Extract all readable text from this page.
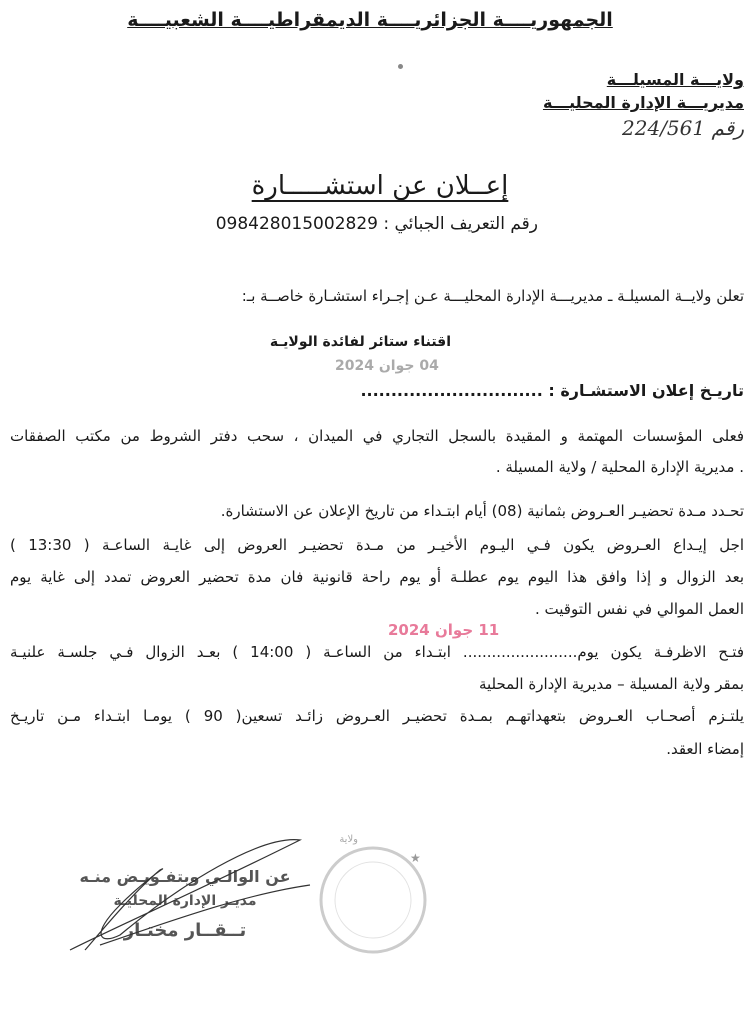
الجمهوريــــة الجزائريــــة الديمقراطيــــة الشعبيــــة
ولايـــة المسيلـــة
مديريـــة الإدارة المحليـــة
رقم 224/561
إعــلان عن استشـــــارة
رقم التعريف الجبائي : 098428015002829
تعلن ولايــة المسيلـة ـ مديريـــة الإدارة المحليـــة عـن إجـراء استشـارة خاصــة بـ:
اقتناء ستائر لفائدة الولايـة
04 جوان 2024
تاريـخ إعلان الاستشـارة : ..............................
فعلى المؤسسات المهتمة و المقيدة بالسجل التجاري في الميدان ، سحب دفتر الشروط من مكتب الصفقات
. مديرية الإدارة المحلية / ولاية المسيلة .
تحـدد مـدة تحضيـر العـروض بثمانية (08) أيام ابتـداء من تاريخ الإعلان عن الاستشارة.
اجل إيـداع العـروض يكون فـي اليـوم الأخيـر من مـدة تحضيـر العروض إلى غايـة الساعـة ( 13:30 )
بعد الزوال و إذا وافق هذا اليوم يوم عطلـة أو يوم راحة قانونية فان مدة تحضير العروض تمدد إلى غاية يوم
العمل الموالي في نفس التوقيت .
11 جوان 2024
فتـح الاظرفـة يكون يوم........................ ابتـداء من الساعـة ( 14:00 ) بعـد الزوال فـي جلسـة علنيـة
بمقر ولاية المسيلة – مديرية الإدارة المحلية
يلتـزم أصحـاب العـروض بتعهداتهـم بمـدة تحضيـر العـروض زائـد تسعين( 90 ) يومـا ابتـداء مـن تاريـخ
إمضاء العقد.
عن الوالـي وبتفـويـض منـه
مديـر الإدارة المحليـة
تــقــار مختـار
★
ولاية
